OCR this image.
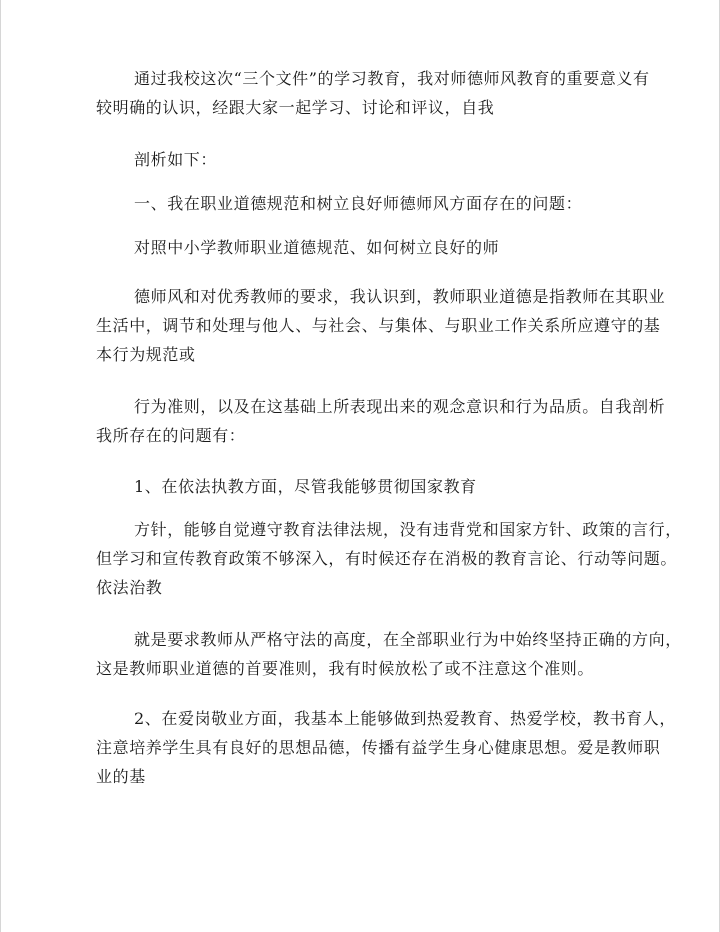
通过我校这次“三个文件”的学习教育，我对师德师风教育的重要意义有
较明确的认识，经跟大家一起学习、讨论和评议，自我

剖析如下：

一、我在职业道德规范和树立良好师德师风方面存在的问题：

对照中小学教师职业道德规范、如何树立良好的师

德师风和对优秀教师的要求，我认识到，教师职业道德是指教师在其职业
生活中，调节和处理与他人、与社会、与集体、与职业工作关系所应遵守的基
本行为规范或

行为准则，以及在这基础上所表现出来的观念意识和行为品质。自我剖析
我所存在的问题有：

1、在依法执教方面，尽管我能够贯彻国家教育

方针，能够自觉遵守教育法律法规，没有违背党和国家方针、政策的言行，
但学习和宣传教育政策不够深入，有时候还存在消极的教育言论、行动等问题。
依法治教

就是要求教师从严格守法的高度，在全部职业行为中始终坚持正确的方向，
这是教师职业道德的首要准则，我有时候放松了或不注意这个准则。

2、在爱岗敬业方面，我基本上能够做到热爱教育、热爱学校，教书育人，
注意培养学生具有良好的思想品德，传播有益学生身心健康思想。爱是教师职
业的基
